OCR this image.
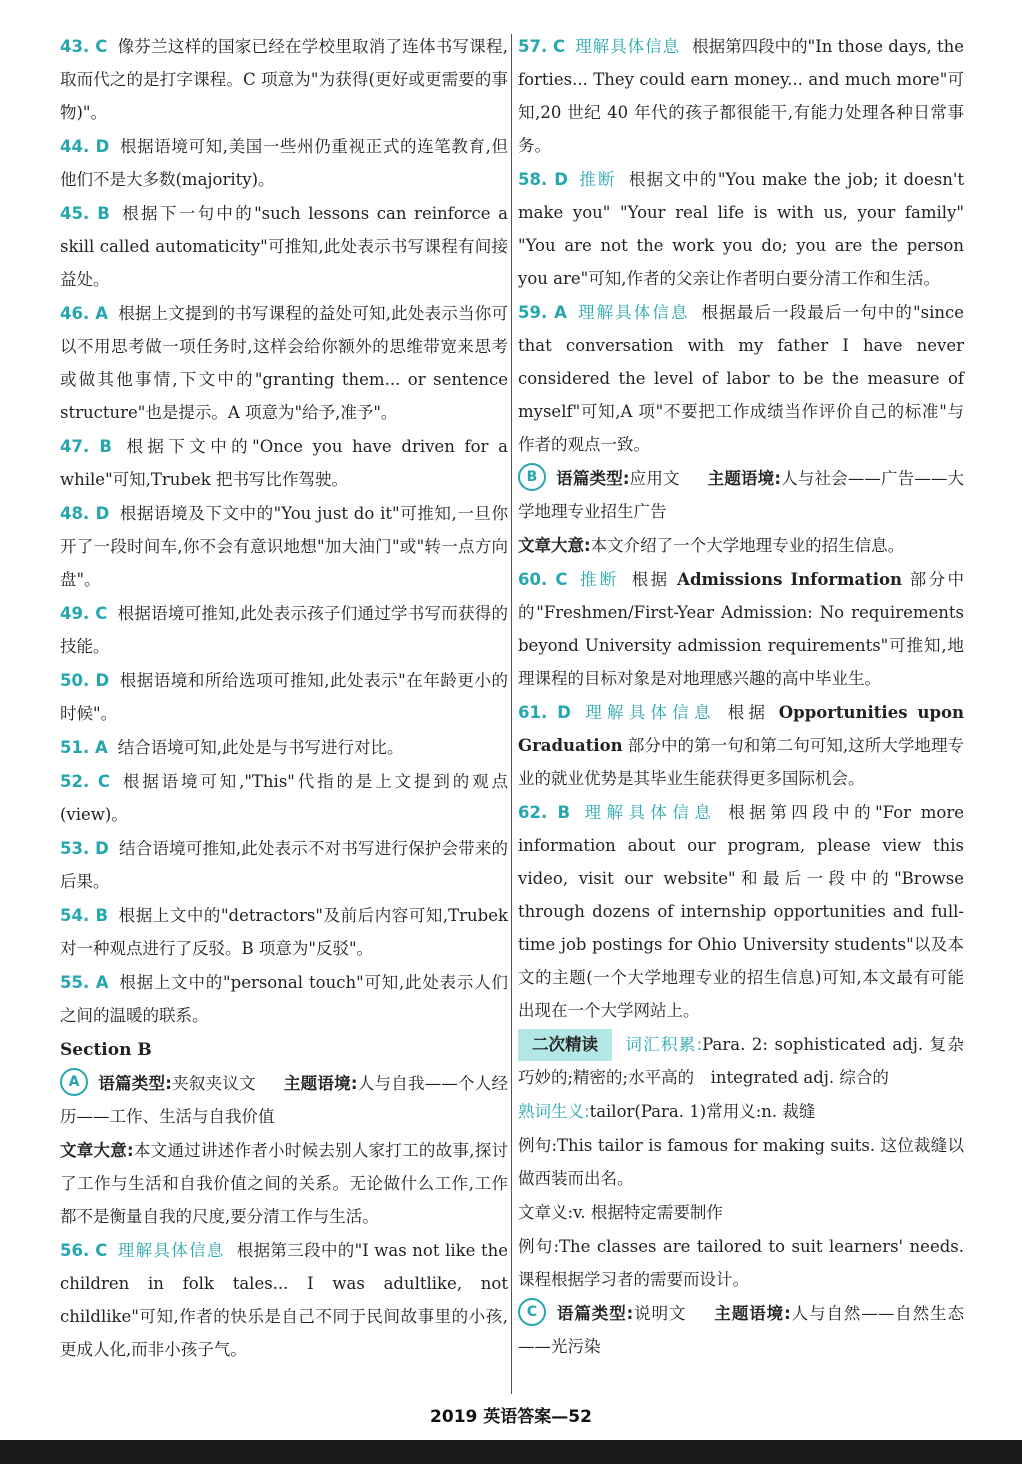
43. C 像芬兰这样的国家已经在学校里取消了连体书写课程,取而代之的是打字课程。C 项意为"为获得(更好或更需要的事物)"。

44. D 根据语境可知,美国一些州仍重视正式的连笔教育,但他们不是大多数(majority)。

45. B 根据下一句中的"such lessons can reinforce a skill called automaticity"可推知,此处表示书写课程有间接益处。

46. A 根据上文提到的书写课程的益处可知,此处表示当你可以不用思考做一项任务时,这样会给你额外的思维带宽来思考或做其他事情,下文中的"granting them... or sentence structure"也是提示。A 项意为"给予,准予"。

47. B 根据下文中的"Once you have driven for a while"可知,Trubek 把书写比作驾驶。

48. D 根据语境及下文中的"You just do it"可推知,一旦你开了一段时间车,你不会有意识地想"加大油门"或"转一点方向盘"。

49. C 根据语境可推知,此处表示孩子们通过学书写而获得的技能。

50. D 根据语境和所给选项可推知,此处表示"在年龄更小的时候"。

51. A 结合语境可知,此处是与书写进行对比。

52. C 根据语境可知,"This"代指的是上文提到的观点(view)。

53. D 结合语境可推知,此处表示不对书写进行保护会带来的后果。

54. B 根据上文中的"detractors"及前后内容可知,Trubek 对一种观点进行了反驳。B 项意为"反驳"。

55. A 根据上文中的"personal touch"可知,此处表示人们之间的温暖的联系。

Section B

A 语篇类型:夹叙夹议文 主题语境:人与自我——个人经历——工作、生活与自我价值

文章大意:本文通过讲述作者小时候去别人家打工的故事,探讨了工作与生活和自我价值之间的关系。无论做什么工作,工作都不是衡量自我的尺度,要分清工作与生活。

56. C 理解具体信息 根据第三段中的"I was not like the children in folk tales... I was adultlike, not childlike"可知,作者的快乐是自己不同于民间故事里的小孩,更成人化,而非小孩子气。

57. C 理解具体信息 根据第四段中的"In those days, the forties... They could earn money... and much more"可知,20 世纪 40 年代的孩子都很能干,有能力处理各种日常事务。

58. D 推断 根据文中的"You make the job; it doesn't make you" "Your real life is with us, your family" "You are not the work you do; you are the person you are"可知,作者的父亲让作者明白要分清工作和生活。

59. A 理解具体信息 根据最后一段最后一句中的"since that conversation with my father I have never considered the level of labor to be the measure of myself"可知,A 项"不要把工作成绩当作评价自己的标准"与作者的观点一致。

B 语篇类型:应用文 主题语境:人与社会——广告——大学地理专业招生广告

文章大意:本文介绍了一个大学地理专业的招生信息。

60. C 推断 根据 Admissions Information 部分中的"Freshmen/First-Year Admission: No requirements beyond University admission requirements"可推知,地理课程的目标对象是对地理感兴趣的高中毕业生。

61. D 理解具体信息 根据 Opportunities upon Graduation 部分中的第一句和第二句可知,这所大学地理专业的就业优势是其毕业生能获得更多国际机会。

62. B 理解具体信息 根据第四段中的"For more information about our program, please view this video, visit our website"和最后一段中的"Browse through dozens of internship opportunities and full-time job postings for Ohio University students"以及本文的主题(一个大学地理专业的招生信息)可知,本文最有可能出现在一个大学网站上。

二次精读 词汇积累:Para. 2: sophisticated adj. 复杂巧妙的;精密的;水平高的　integrated adj. 综合的

熟词生义:tailor(Para. 1)常用义:n. 裁缝

例句:This tailor is famous for making suits. 这位裁缝以做西装而出名。

文章义:v. 根据特定需要制作

例句:The classes are tailored to suit learners' needs. 课程根据学习者的需要而设计。

C 语篇类型:说明文 主题语境:人与自然——自然生态——光污染

2019 英语答案—52
